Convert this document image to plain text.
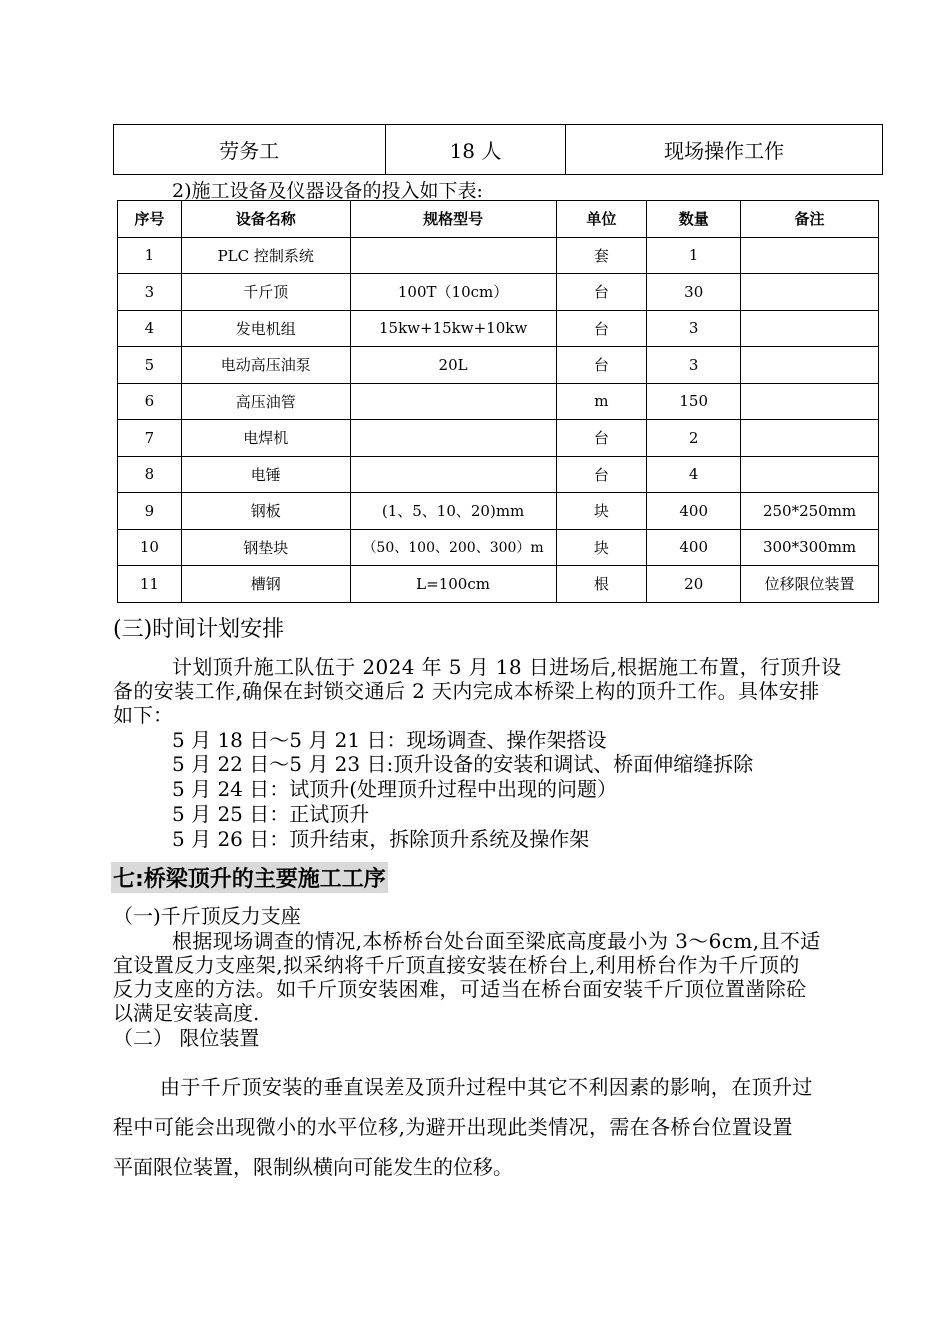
劳务工	18 人	现场操作工作
2)施工设备及仪器设备的投入如下表:
序号	设备名称	规格型号	单位	数量	备注
1	PLC 控制系统		套	1	
3	千斤顶	100T（10cm）	台	30	
4	发电机组	15kw+15kw+10kw	台	3	
5	电动高压油泵	20L	台	3	
6	高压油管		m	150	
7	电焊机		台	2	
8	电锤		台	4	
9	钢板	(1、5、10、20)mm	块	400	250*250mm
10	钢垫块	（50、100、200、300）m	块	400	300*300mm
11	槽钢	L=100cm	根	20	位移限位装置
(三)时间计划安排
计划顶升施工队伍于 2024 年 5 月 18 日进场后,根据施工布置，行顶升设
备的安装工作,确保在封锁交通后 2 天内完成本桥梁上构的顶升工作。具体安排
如下：
5 月 18 日～5 月 21 日：现场调查、操作架搭设
5 月 22 日～5 月 23 日:顶升设备的安装和调试、桥面伸缩缝拆除
5 月 24 日：试顶升(处理顶升过程中出现的问题）
5 月 25 日：正试顶升
5 月 26 日：顶升结束，拆除顶升系统及操作架
七:桥梁顶升的主要施工工序
（一)千斤顶反力支座
根据现场调查的情况,本桥桥台处台面至梁底高度最小为 3～6cm,且不适
宜设置反力支座架,拟采纳将千斤顶直接安装在桥台上,利用桥台作为千斤顶的
反力支座的方法。如千斤顶安装困难，可适当在桥台面安装千斤顶位置凿除砼
以满足安装高度.
（二） 限位装置
由于千斤顶安装的垂直误差及顶升过程中其它不利因素的影响，在顶升过
程中可能会出现微小的水平位移,为避开出现此类情况，需在各桥台位置设置
平面限位装置，限制纵横向可能发生的位移。
